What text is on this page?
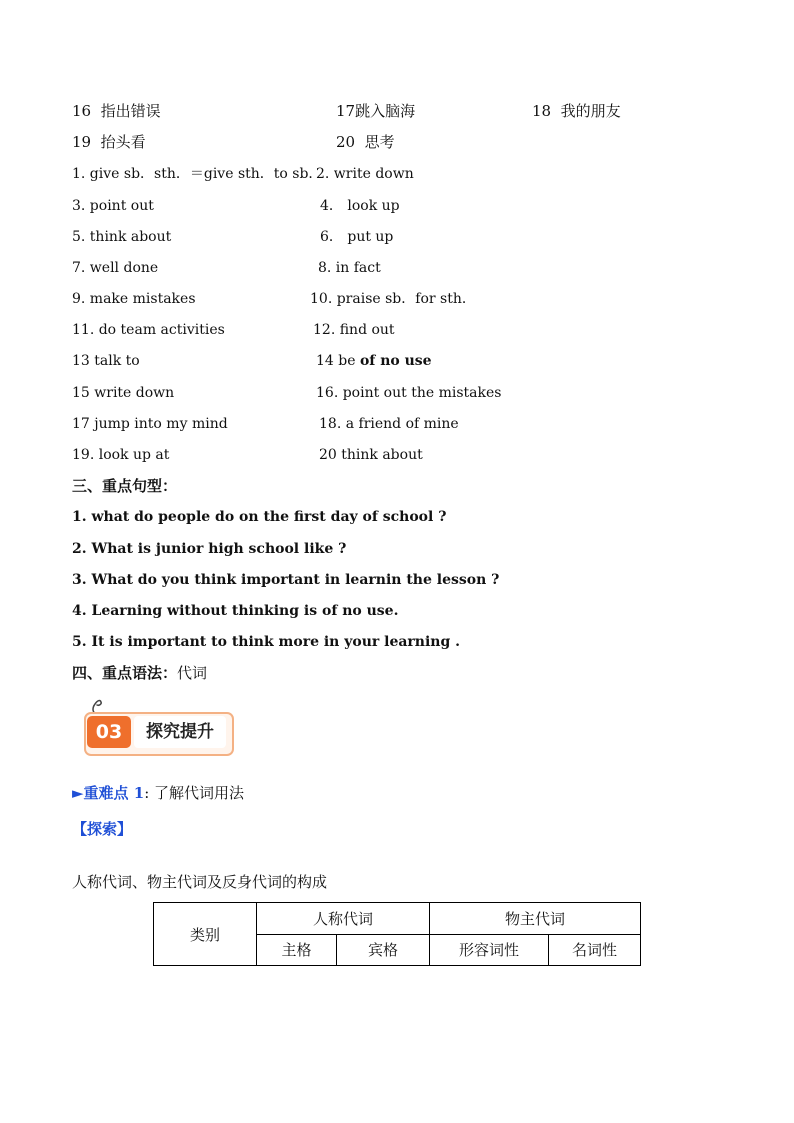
16 指出错误	17跳入脑海	18 我的朋友
19 抬头看	20 思考
1. give sb．sth．＝give sth．to sb．
2. write down
3. point out	4． look up
5. think about	6． put up
7. well done	8. in fact
9. make mistakes	10. praise sb．for sth．
11. do team activities	12. find out
13 talk to	14 be of no use
15 write down	16. point out the mistakes
17 jump into my mind	18. a friend of mine
19. look up at	20 think about
三、重点句型：
1. what do people do on the first day of school ?
2. What is junior high school like ?
3. What do you think important in learnin the lesson ?
4. Learning without thinking is of no use.
5. It is important to think more in your learning .
四、重点语法：代词
03	探究提升
►重难点 1: 了解代词用法
【探索】
人称代词、物主代词及反身代词的构成
类别	人称代词		物主代词	
	主格	宾格	形容词性	名词性
